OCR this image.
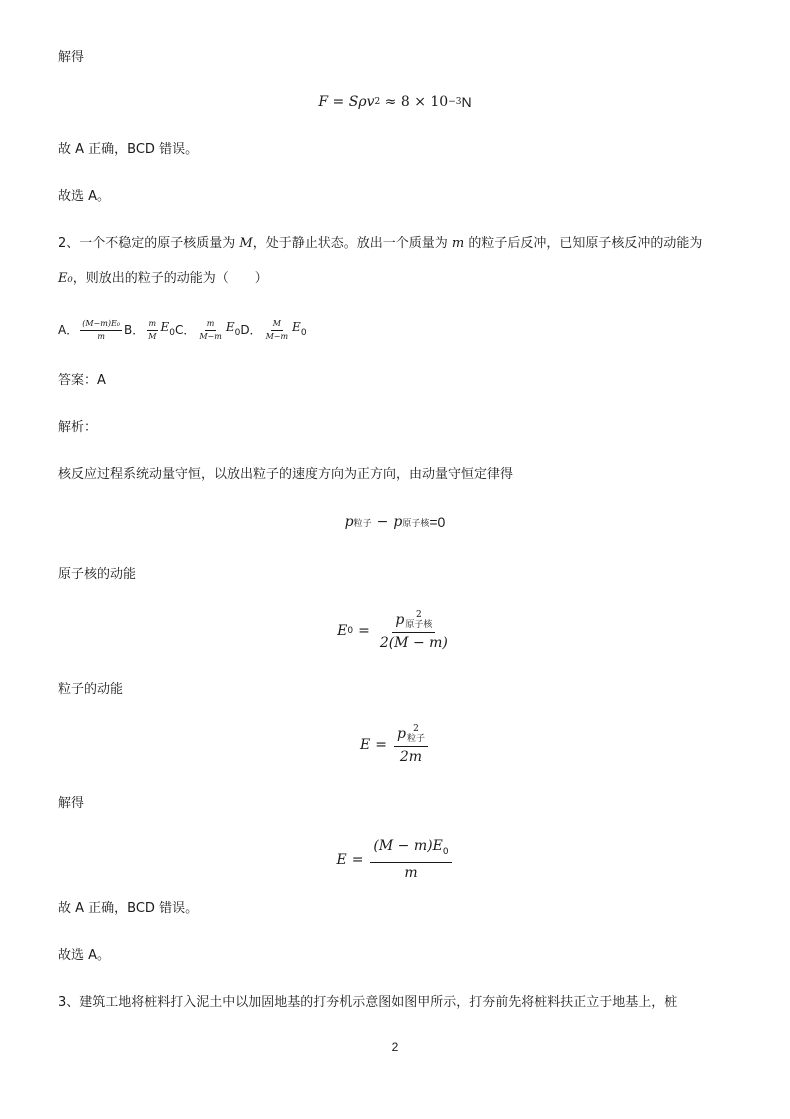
解得
F = Sρv 2 ≈ 8 × 10 −3 N
故 A 正确，BCD 错误。
故选 A。
2、一个不稳定的原子核质量为 M，处于静止状态。放出一个质量为 m 的粒子后反冲，已知原子核反冲的动能为
E₀，则放出的粒子的动能为（　　）
A． $\frac{\text{(M−m)E₀}}{m}$ B． $\frac{m}{M} E_0$ C． $\frac{m}{M-m} E_0$ D． $\frac{M}{M-m} E_0$
答案：A
解析：
核反应过程系统动量守恒，以放出粒子的速度方向为正方向，由动量守恒定律得
p 粒子 − p 原子核 =0
原子核的动能
E 0 = p	2
原子核
2(M − m)
粒子的动能
E = p 2
粒子
2m
解得
$E = \frac{(M - m)E_0}{m}$
故 A 正确，BCD 错误。
故选 A。
3、建筑工地将桩料打入泥土中以加固地基的打夯机示意图如图甲所示，打夯前先将桩料扶正立于地基上，桩
2
